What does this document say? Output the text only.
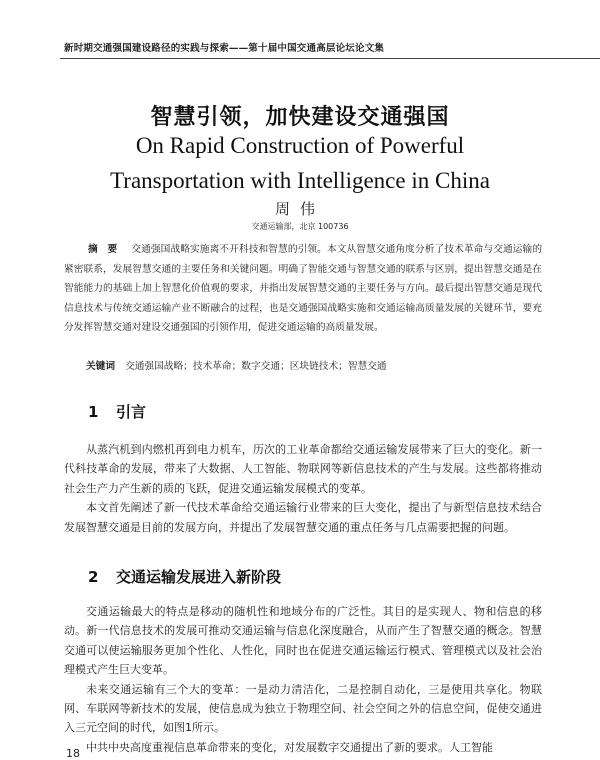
新时期交通强国建设路径的实践与探索——第十届中国交通高层论坛论文集
智慧引领，加快建设交通强国
On Rapid Construction of Powerful
Transportation with Intelligence in China
周伟
交通运输部，北京 100736
摘　要 交通强国战略实施离不开科技和智慧的引领。本文从智慧交通角度分析了技术革命与交通运输的紧密联系，发展智慧交通的主要任务和关键问题。明确了智能交通与智慧交通的联系与区别，提出智慧交通是在智能能力的基础上加上智慧化价值观的要求，并指出发展智慧交通的主要任务与方向。最后提出智慧交通是现代信息技术与传统交通运输产业不断融合的过程，也是交通强国战略实施和交通运输高质量发展的关键环节，要充分发挥智慧交通对建设交通强国的引领作用，促进交通运输的高质量发展。
关键词 交通强国战略；技术革命；数字交通；区块链技术；智慧交通
1 引言

从蒸汽机到内燃机再到电力机车，历次的工业革命都给交通运输发展带来了巨大的变化。新一代科技革命的发展，带来了大数据、人工智能、物联网等新信息技术的产生与发展。这些都将推动社会生产力产生新的质的飞跃，促进交通运输发展模式的变革。

本文首先阐述了新一代技术革命给交通运输行业带来的巨大变化，提出了与新型信息技术结合发展智慧交通是目前的发展方向，并提出了发展智慧交通的重点任务与几点需要把握的问题。

2 交通运输发展进入新阶段

交通运输最大的特点是移动的随机性和地域分布的广泛性。其目的是实现人、物和信息的移动。新一代信息技术的发展可推动交通运输与信息化深度融合，从而产生了智慧交通的概念。智慧交通可以使运输服务更加个性化、人性化，同时也在促进交通运输运行模式、管理模式以及社会治理模式产生巨大变革。

未来交通运输有三个大的变革：一是动力清洁化，二是控制自动化，三是使用共享化。物联网、车联网等新技术的发展，使信息成为独立于物理空间、社会空间之外的信息空间，促使交通进入三元空间的时代，如图1所示。

中共中央高度重视信息革命带来的变化，对发展数字交通提出了新的要求。人工智能

18
